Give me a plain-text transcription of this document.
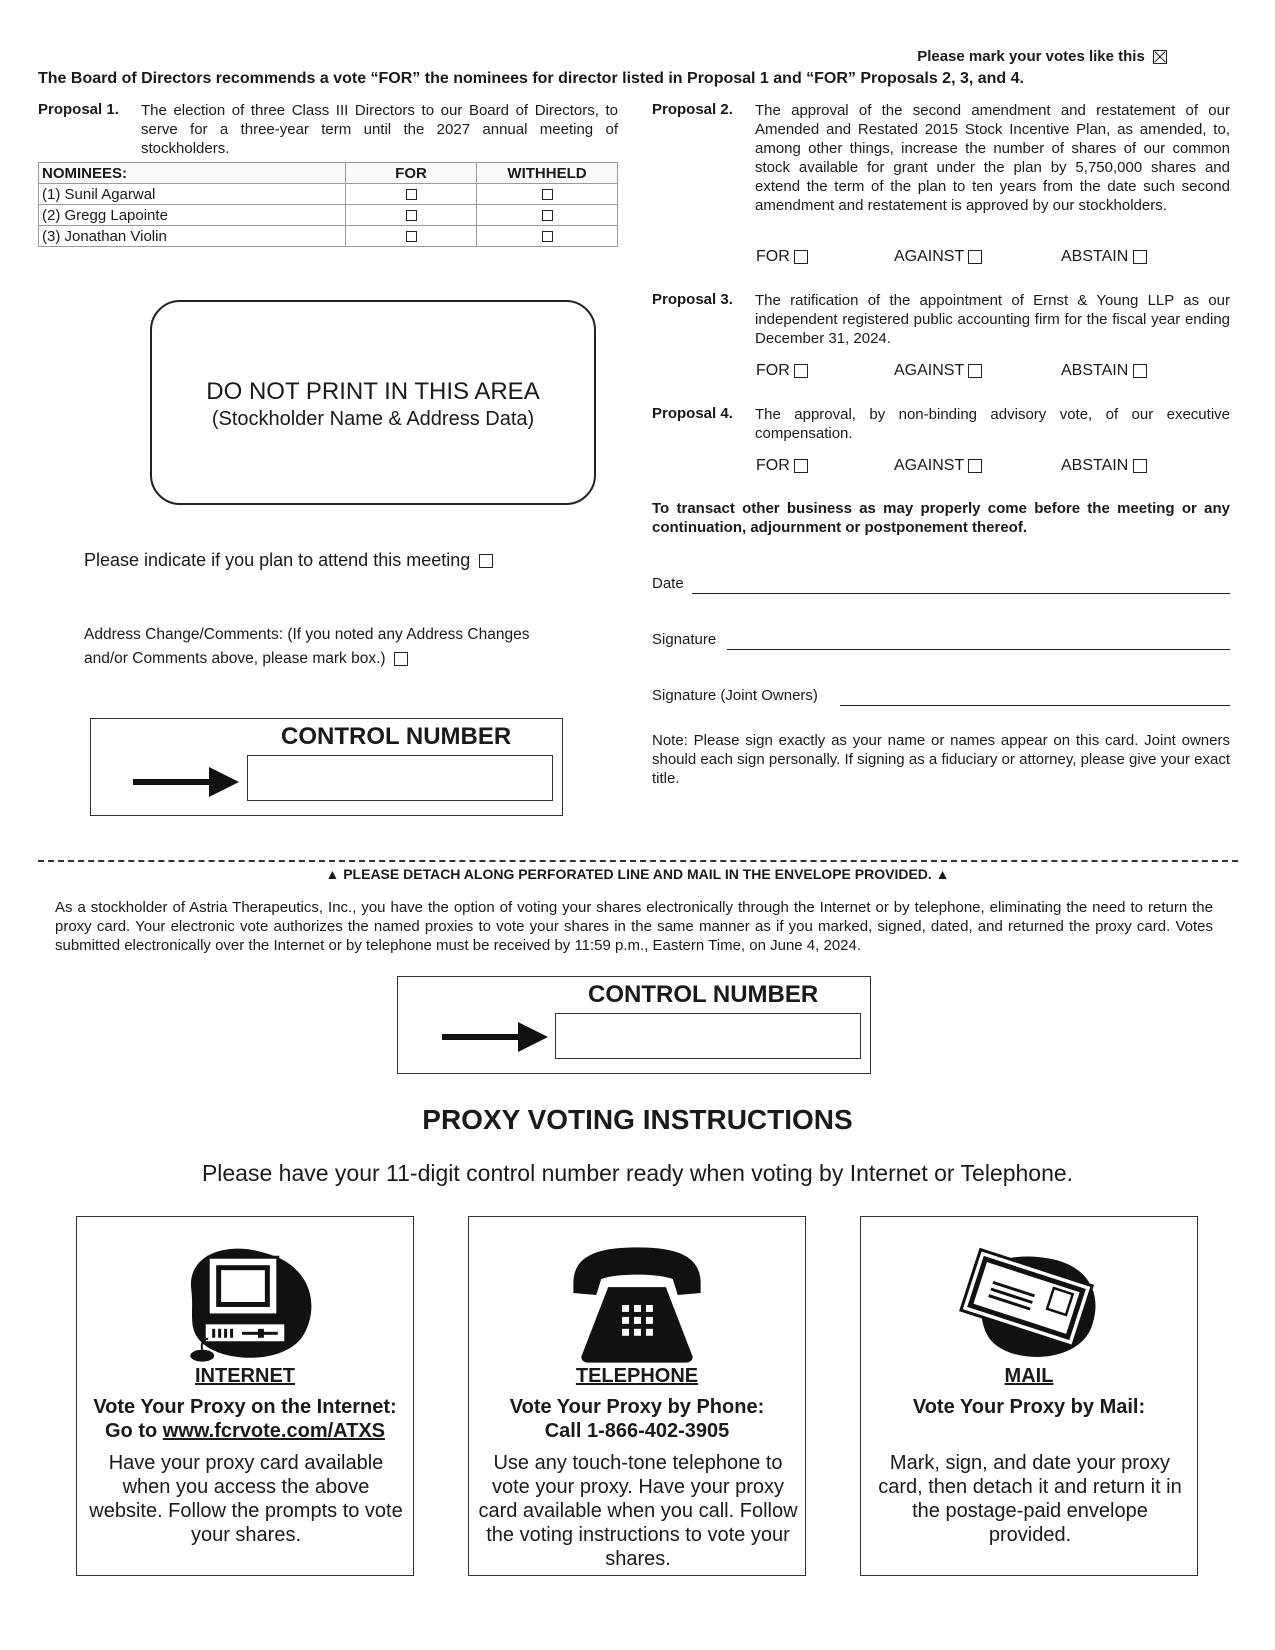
Please mark your votes like this
The Board of Directors recommends a vote “FOR” the nominees for director listed in Proposal 1 and “FOR” Proposals 2, 3, and 4.
Proposal 1. The election of three Class III Directors to our Board of Directors, to serve for a three-year term until the 2027 annual meeting of stockholders.
NOMINEES:	FOR	WITHHELD
(1) Sunil Agarwal		
(2) Gregg Lapointe		
(3) Jonathan Violin		
DO NOT PRINT IN THIS AREA
(Stockholder Name & Address Data)
Please indicate if you plan to attend this meeting
Address Change/Comments: (If you noted any Address Changes
and/or Comments above, please mark box.)
CONTROL NUMBER
Proposal 2. The approval of the second amendment and restatement of our Amended and Restated 2015 Stock Incentive Plan, as amended, to, among other things, increase the number of shares of our common stock available for grant under the plan by 5,750,000 shares and extend the term of the plan to ten years from the date such second amendment and restatement is approved by our stockholders.
FOR	AGAINST	ABSTAIN
Proposal 3. The ratification of the appointment of Ernst & Young LLP as our independent registered public accounting firm for the fiscal year ending December 31, 2024.
FOR	AGAINST	ABSTAIN
Proposal 4. The approval, by non-binding advisory vote, of our executive compensation.
FOR	AGAINST	ABSTAIN
To transact other business as may properly come before the meeting or any continuation, adjournment or postponement thereof.
Date
Signature
Signature (Joint Owners)
Note: Please sign exactly as your name or names appear on this card. Joint owners should each sign personally. If signing as a fiduciary or attorney, please give your exact title.
▲ PLEASE DETACH ALONG PERFORATED LINE AND MAIL IN THE ENVELOPE PROVIDED. ▲
As a stockholder of Astria Therapeutics, Inc., you have the option of voting your shares electronically through the Internet or by telephone, eliminating the need to return the proxy card. Your electronic vote authorizes the named proxies to vote your shares in the same manner as if you marked, signed, dated, and returned the proxy card. Votes submitted electronically over the Internet or by telephone must be received by 11:59 p.m., Eastern Time, on June 4, 2024.
CONTROL NUMBER
PROXY VOTING INSTRUCTIONS
Please have your 11-digit control number ready when voting by Internet or Telephone.
INTERNET
Vote Your Proxy on the Internet:
Go to www.fcrvote.com/ATXS
Have your proxy card available when you access the above website. Follow the prompts to vote your shares.
TELEPHONE
Vote Your Proxy by Phone:
Call 1-866-402-3905
Use any touch-tone telephone to vote your proxy. Have your proxy card available when you call. Follow the voting instructions to vote your shares.
MAIL
Vote Your Proxy by Mail:
Mark, sign, and date your proxy card, then detach it and return it in the postage-paid envelope provided.
